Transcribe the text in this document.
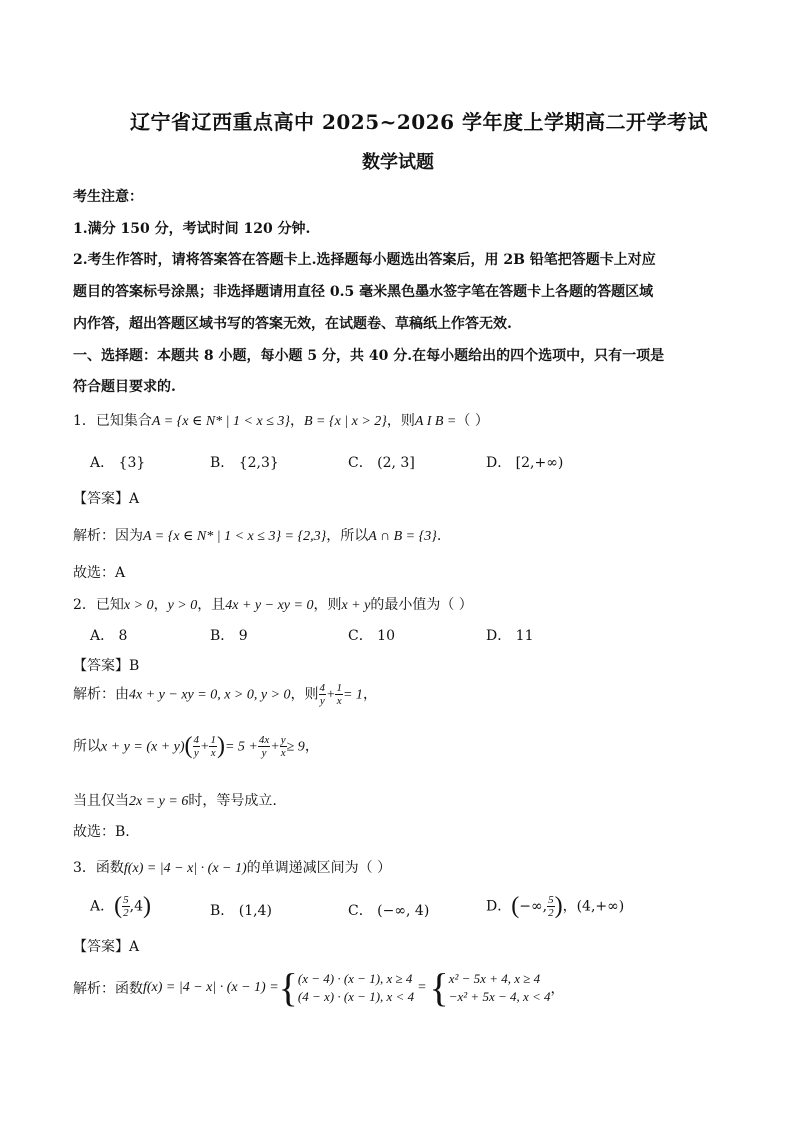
辽宁省辽西重点高中 2025~2026 学年度上学期高二开学考试
数学试题
考生注意：
1.满分 150 分，考试时间 120 分钟.
2.考生作答时，请将答案答在答题卡上.选择题每小题选出答案后，用 2B 铅笔把答题卡上对应
题目的答案标号涂黑；非选择题请用直径 0.5 毫米黑色墨水签字笔在答题卡上各题的答题区域
内作答，超出答题区域书写的答案无效，在试题卷、草稿纸上作答无效.
一、选择题：本题共 8 小题，每小题 5 分，共 40 分.在每小题给出的四个选项中，只有一项是
符合题目要求的.
1．已知集合A = {x ∈ N* | 1 < x ≤ 3}，B = {x | x > 2}，则A I B =（ ）
A． {3}	B． {2,3}	C． (2, 3]	D． [2,+∞)
【答案】A
解析：因为A = {x ∈ N* | 1 < x ≤ 3} = {2,3}，所以A ∩ B = {3}.
故选：A
2．已知x > 0，y > 0，且4x + y − xy = 0，则x + y的最小值为（ ）
A． 8	B． 9	C． 10	D． 11
【答案】B
解析：由4x + y − xy = 0, x > 0, y > 0，则 $\frac{4}{y} + \frac{1}{x} = 1$，
所以$x + y = (x + y)( \frac{4}{y} + \frac{1}{x}$ )= $5 + \frac{4x}{y} + \frac{y}{x} \ge 9$，
当且仅当2x = y = 6时，等号成立.
故选：B.
3．函数f(x) = |4 − x| · (x − 1)的单调递减区间为（ ）
A．( $\frac{5}{2} ,4$)	B． (1,4)	C． (−∞, 4)	D．(−∞, $\frac{5}{2}$ )，(4,+∞)
【答案】A
解析：函数 f(x) = |4 − x| · (x − 1) = { (x − 4) · (x − 1), x ≥ 4
(4 − x) · (x − 1), x < 4
= { x² − 5x + 4, x ≥ 4
−x² + 5x − 4, x < 4 ，
